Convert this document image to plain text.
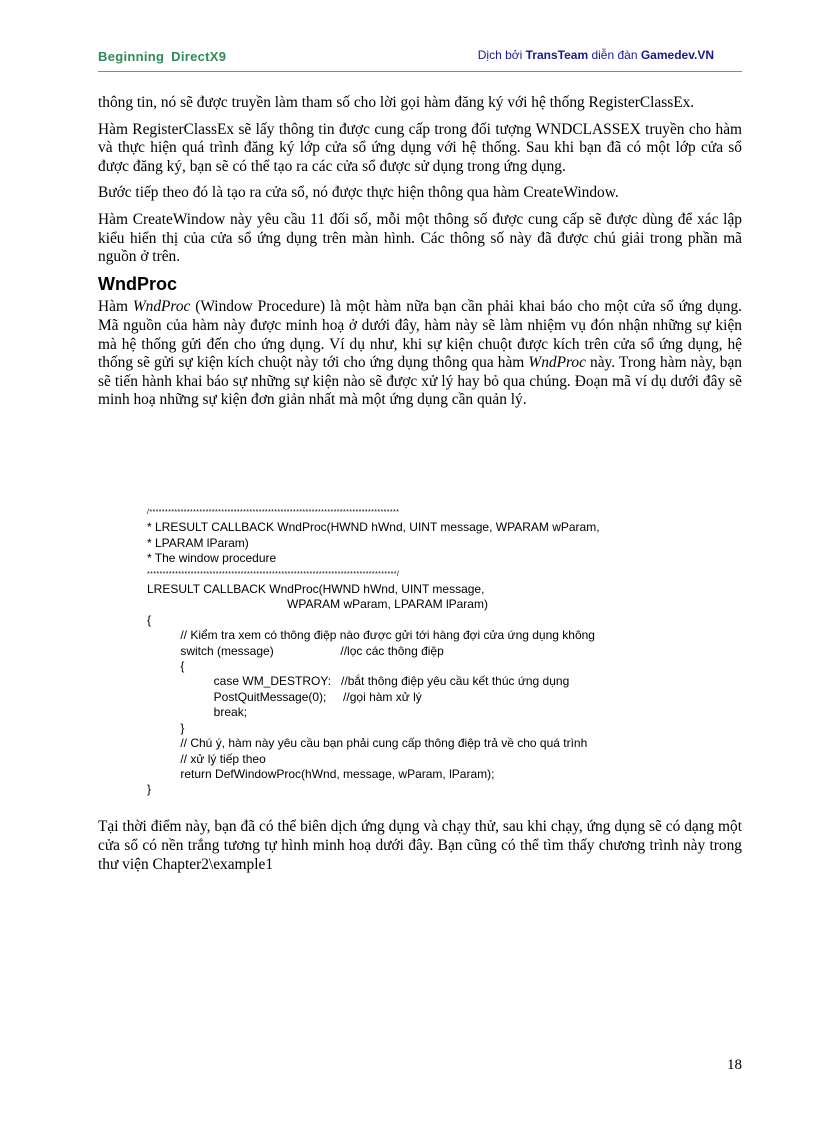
Beginning DirectX9	Dịch bởi TransTeam diễn đàn Gamedev.VN

thông tin, nó sẽ được truyền làm tham số cho lời gọi hàm đăng ký với hệ thống RegisterClassEx.

Hàm RegisterClassEx sẽ lấy thông tin được cung cấp trong đối tượng WNDCLASSEX truyền cho hàm và thực hiện quá trình đăng ký lớp cửa sổ ứng dụng với hệ thống. Sau khi bạn đã có một lớp cửa sổ được đăng ký, bạn sẽ có thể tạo ra các cửa sổ được sử dụng trong ứng dụng.

Bước tiếp theo đó là tạo ra cửa sổ, nó được thực hiện thông qua hàm CreateWindow.

Hàm CreateWindow này yêu cầu 11 đối số, mỗi một thông số được cung cấp sẽ được dùng để xác lập kiểu hiển thị của cửa sổ ứng dụng trên màn hình. Các thông số này đã được chú giải trong phần mã nguồn ở trên.

WndProc

Hàm WndProc (Window Procedure) là một hàm nữa bạn cần phải khai báo cho một cửa sổ ứng dụng. Mã nguồn của hàm này được minh hoạ ở dưới đây, hàm này sẽ làm nhiệm vụ đón nhận những sự kiện mà hệ thống gửi đến cho ứng dụng. Ví dụ như, khi sự kiện chuột được kích trên cửa sổ ứng dụng, hệ thống sẽ gửi sự kiện kích chuột này tới cho ứng dụng thông qua hàm WndProc này. Trong hàm này, bạn sẽ tiến hành khai báo sự những sự kiện nào sẽ được xử lý hay bỏ qua chúng. Đoạn mã ví dụ dưới đây sẽ minh hoạ những sự kiện đơn giản nhất mà một ứng dụng cần quản lý.

/********************************************************************************
* LRESULT CALLBACK WndProc(HWND hWnd, UINT message, WPARAM wParam,
* LPARAM lParam)
* The window procedure
********************************************************************************/
LRESULT CALLBACK WndProc(HWND hWnd, UINT message,
WPARAM wParam, LPARAM lParam)
{
// Kiểm tra xem có thông điệp nào được gửi tới hàng đợi cửa ứng dụng không
switch (message)                    //lọc các thông điệp
{
case WM_DESTROY:   //bắt thông điệp yêu cầu kết thúc ứng dụng
PostQuitMessage(0);     //gọi hàm xử lý
break;
}
// Chú ý, hàm này yêu cầu bạn phải cung cấp thông điệp trả về cho quá trình
// xử lý tiếp theo
return DefWindowProc(hWnd, message, wParam, lParam);
}

Tại thời điểm này, bạn đã có thể biên dịch ứng dụng và chạy thử, sau khi chạy, ứng dụng sẽ có dạng một cửa sổ có nền trắng tương tự hình minh hoạ dưới đây. Bạn cũng có thể tìm thấy chương trình này trong thư viện Chapter2\example1

18
